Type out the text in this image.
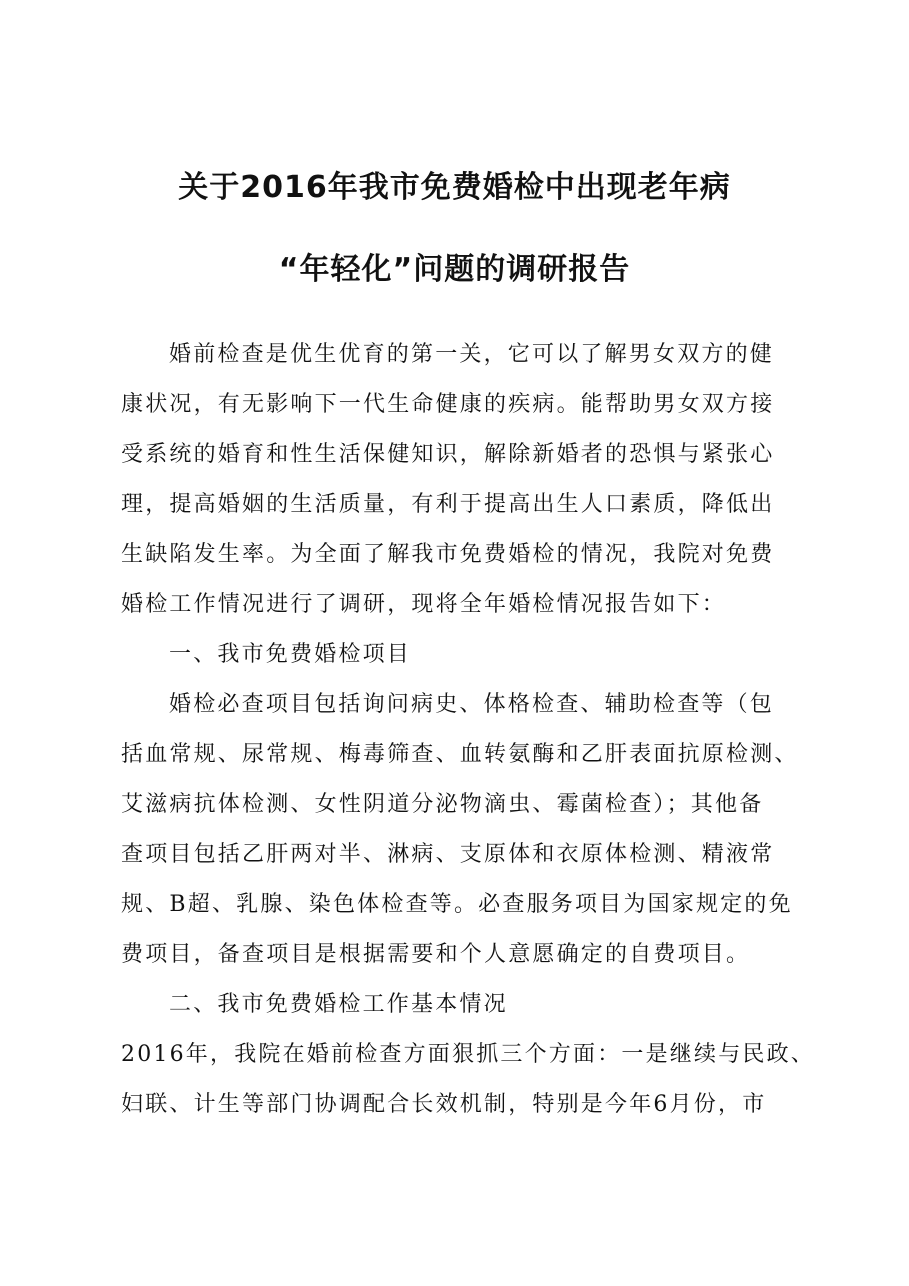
关于2016年我市免费婚检中出现老年病
“年轻化”问题的调研报告
婚前检查是优生优育的第一关，它可以了解男女双方的健
康状况，有无影响下一代生命健康的疾病。能帮助男女双方接
受系统的婚育和性生活保健知识，解除新婚者的恐惧与紧张心
理，提高婚姻的生活质量，有利于提高出生人口素质，降低出
生缺陷发生率。为全面了解我市免费婚检的情况，我院对免费
婚检工作情况进行了调研，现将全年婚检情况报告如下：
一、我市免费婚检项目
婚检必查项目包括询问病史、体格检查、辅助检查等（包
括血常规、尿常规、梅毒筛查、血转氨酶和乙肝表面抗原检测、
艾滋病抗体检测、女性阴道分泌物滴虫、霉菌检查）；其他备
查项目包括乙肝两对半、淋病、支原体和衣原体检测、精液常
规、B超、乳腺、染色体检查等。必查服务项目为国家规定的免
费项目，备查项目是根据需要和个人意愿确定的自费项目。
二、我市免费婚检工作基本情况
2016年，我院在婚前检查方面狠抓三个方面：一是继续与民政、
妇联、计生等部门协调配合长效机制，特别是今年6月份，市
